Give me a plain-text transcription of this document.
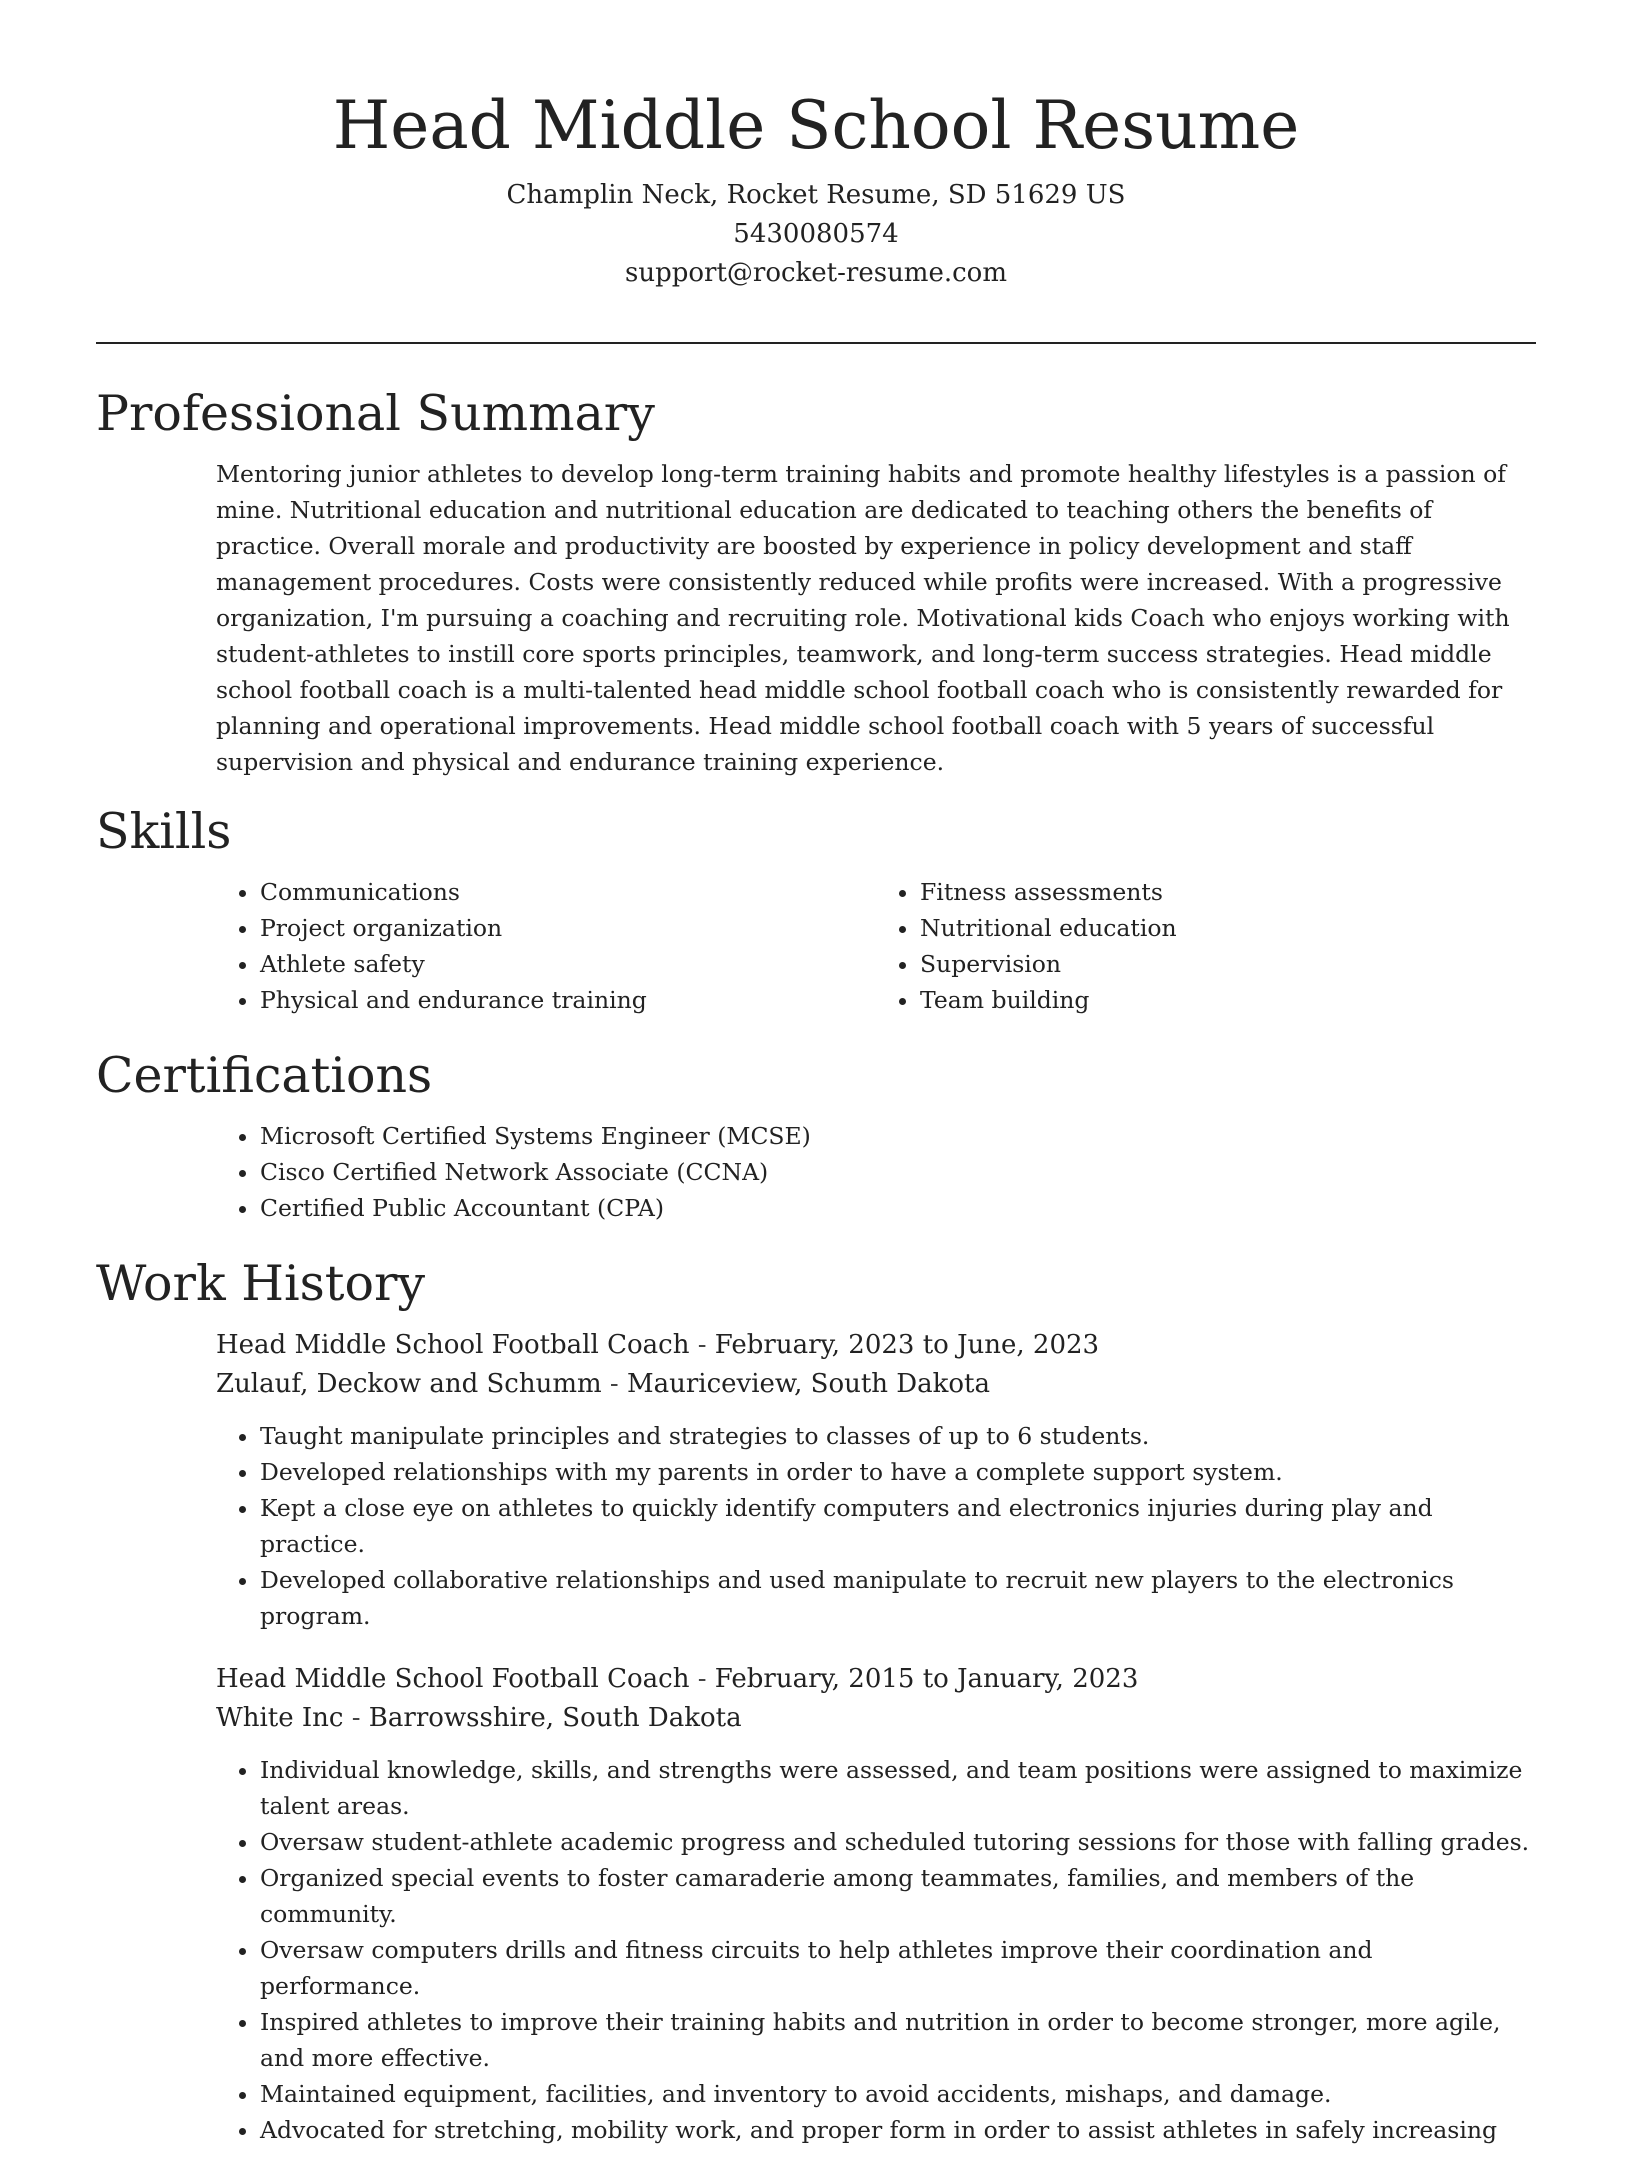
Head Middle School Resume
Champlin Neck, Rocket Resume, SD 51629 US
5430080574
support@rocket-resume.com
Professional Summary

Mentoring junior athletes to develop long-term training habits and promote healthy lifestyles is a passion of mine. Nutritional education and nutritional education are dedicated to teaching others the benefits of practice. Overall morale and productivity are boosted by experience in policy development and staff management procedures. Costs were consistently reduced while profits were increased. With a progressive organization, I'm pursuing a coaching and recruiting role. Motivational kids Coach who enjoys working with student-athletes to instill core sports principles, teamwork, and long-term success strategies. Head middle school football coach is a multi-talented head middle school football coach who is consistently rewarded for planning and operational improvements. Head middle school football coach with 5 years of successful supervision and physical and endurance training experience.

Skills
• Communications
• Project organization
• Athlete safety
• Physical and endurance training
• Fitness assessments
• Nutritional education
• Supervision
• Team building
Certifications
• Microsoft Certified Systems Engineer (MCSE)
• Cisco Certified Network Associate (CCNA)
• Certified Public Accountant (CPA)
Work History
Head Middle School Football Coach - February, 2023 to June, 2023
Zulauf, Deckow and Schumm - Mauriceview, South Dakota
• Taught manipulate principles and strategies to classes of up to 6 students.
• Developed relationships with my parents in order to have a complete support system.
• Kept a close eye on athletes to quickly identify computers and electronics injuries during play and practice.
• Developed collaborative relationships and used manipulate to recruit new players to the electronics program.
Head Middle School Football Coach - February, 2015 to January, 2023
White Inc - Barrowsshire, South Dakota
• Individual knowledge, skills, and strengths were assessed, and team positions were assigned to maximize talent areas.
• Oversaw student-athlete academic progress and scheduled tutoring sessions for those with falling grades.
• Organized special events to foster camaraderie among teammates, families, and members of the community.
• Oversaw computers drills and fitness circuits to help athletes improve their coordination and performance.
• Inspired athletes to improve their training habits and nutrition in order to become stronger, more agile, and more effective.
• Maintained equipment, facilities, and inventory to avoid accidents, mishaps, and damage.
• Advocated for stretching, mobility work, and proper form in order to assist athletes in safely increasing
